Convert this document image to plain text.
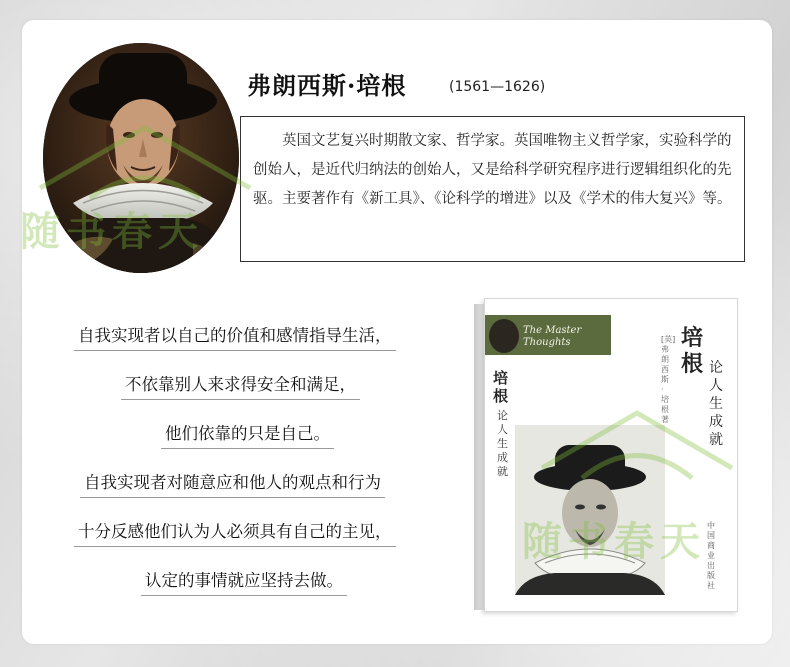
弗朗西斯·培根	(1561—1626)

英国文艺复兴时期散文家、哲学家。英国唯物主义哲学家，实验科学的创始人，是近代归纳法的创始人，又是给科学研究程序进行逻辑组织化的先驱。主要著作有《新工具》、《论科学的增进》以及《学术的伟大复兴》等。

自我实现者以自己的价值和感情指导生活，
不依靠别人来求得安全和满足，
他们依靠的只是自己。
自我实现者对随意应和他人的观点和行为
十分反感他们认为人必须具有自己的主见，
认定的事情就应坚持去做。
The Master Thoughts	培根 论人生成就
培根
论人生成就
[英] 弗朗西斯·培根 著
中国商业出版社
随书春天
随书春天
